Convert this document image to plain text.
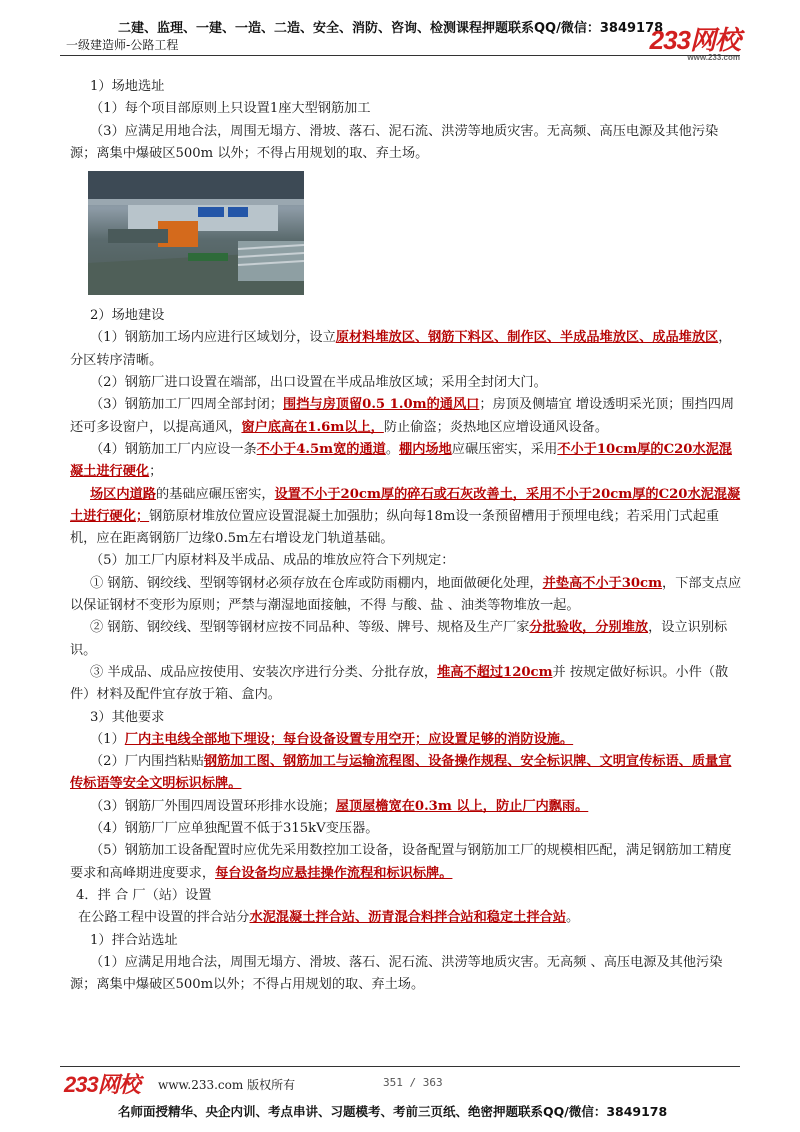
二建、监理、一建、一造、二造、安全、消防、咨询、检测课程押题联系QQ/微信：3849178
一级建造师-公路工程	233网校
www.233.com

1）场地选址

（1）每个项目部原则上只设置1座大型钢筋加工

（3）应满足用地合法，周围无塌方、滑坡、落石、泥石流、洪涝等地质灾害。无高频、高压电源及其他污染源；离集中爆破区500m 以外；不得占用规划的取、弃土场。

2）场地建设

（1）钢筋加工场内应进行区域划分，设立原材料堆放区、钢筋下料区、制作区、半成品堆放区、成品堆放区，分区转序清晰。

（2）钢筋厂进口设置在端部，出口设置在半成品堆放区域；采用全封闭大门。

（3）钢筋加工厂四周全部封闭；围挡与房顶留0.5 1.0m的通风口；房顶及侧墙宜 增设透明采光顶；围挡四周还可多设窗户，以提高通风，窗户底高在1.6m以上，防止偷盗；炎热地区应增设通风设备。

（4）钢筋加工厂内应设一条不小于4.5m宽的通道。棚内场地应碾压密实，采用不小于10cm厚的C20水泥混凝土进行硬化；

场区内道路的基础应碾压密实，设置不小于20cm厚的碎石或石灰改善土，采用不小于20cm厚的C20水泥混凝土进行硬化；钢筋原材堆放位置应设置混凝土加强肋；纵向每18m设一条预留槽用于预埋电线；若采用门式起重机，应在距离钢筋厂边缘0.5m左右增设龙门轨道基础。

（5）加工厂内原材料及半成品、成品的堆放应符合下列规定：

① 钢筋、钢绞线、型钢等钢材必须存放在仓库或防雨棚内，地面做硬化处理，并垫高不小于30cm，下部支点应以保证钢材不变形为原则；严禁与潮湿地面接触，不得 与酸、盐 、油类等物堆放一起。

② 钢筋、钢绞线、型钢等钢材应按不同品种、等级、牌号、规格及生产厂家分批验收，分别堆放，设立识别标识。

③ 半成品、成品应按使用、安装次序进行分类、分批存放，堆高不超过120cm并 按规定做好标识。小件（散件）材料及配件宜存放于箱、盒内。

3）其他要求

（1）厂内主电线全部地下埋设；每台设备设置专用空开；应设置足够的消防设施。

（2）厂内围挡粘贴钢筋加工图、钢筋加工与运输流程图、设备操作规程、安全标识牌、文明宣传标语、质量宣传标语等安全文明标识标牌。

（3）钢筋厂外围四周设置环形排水设施；屋顶屋檐宽在0.3m 以上，防止厂内飘雨。

（4）钢筋厂厂应单独配置不低于315kV变压器。

（5）钢筋加工设备配置时应优先采用数控加工设备，设备配置与钢筋加工厂的规模相匹配，满足钢筋加工精度要求和高峰期进度要求，每台设备均应悬挂操作流程和标识标牌。

4．拌 合 厂（站）设置

在公路工程中设置的拌合站分水泥混凝土拌合站、沥青混合料拌合站和稳定土拌合站。

1）拌合站选址

（1）应满足用地合法，周围无塌方、滑坡、落石、泥石流、洪涝等地质灾害。无高频 、高压电源及其他污染源；离集中爆破区500m以外；不得占用规划的取、弃土场。

233网校 www.233.com 版权所有	351 / 363
名师面授精华、央企内训、考点串讲、习题模考、考前三页纸、绝密押题联系QQ/微信：3849178
